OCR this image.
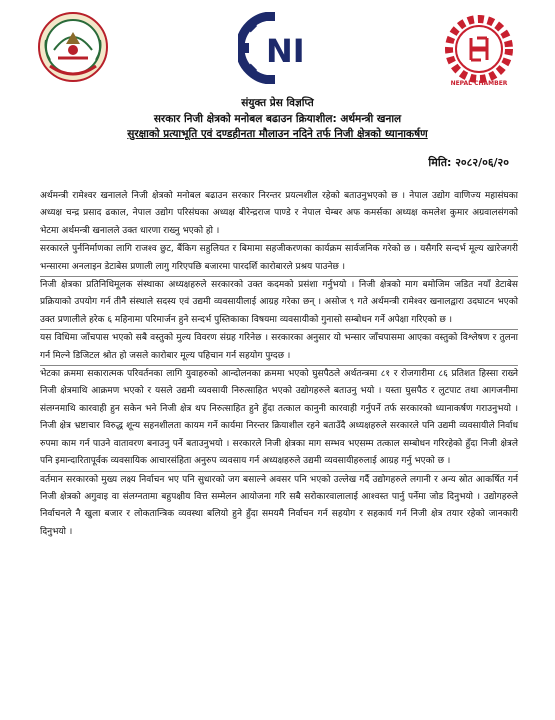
NI
NEPAL CHAMBER
संयुक्त प्रेस विज्ञप्ति
सरकार निजी क्षेत्रको मनोबल बढाउन क्रियाशील: अर्थमन्त्री खनाल
सुरक्षाको प्रत्याभूति एवं दण्डहीनता मौलाउन नदिने तर्फ निजी क्षेत्रको ध्यानाकर्षण
मिति: २०८२/०६/२०

अर्थमन्त्री रामेश्वर खनालले निजी क्षेत्रको मनोबल बढाउन सरकार निरन्तर प्रयत्नशील रहेको बताउनुभएको छ । नेपाल उद्योग वाणिज्य महासंघका अध्यक्ष चन्द्र प्रसाद ढकाल, नेपाल उद्योग परिसंघका अध्यक्ष बीरेन्द्रराज पाण्डे र नेपाल चेम्बर अफ कमर्सका अध्यक्ष कमलेश कुमार अग्रवालसंगको भेटमा अर्थमन्त्री खनालले उक्त धारणा राख्नु भएको हो ।

सरकारले पुर्ननिर्माणका लागि राजश्व छुट, बैंकिग सहुलियत र बिमामा सहजीकरणका कार्यक्रम सार्वजनिक गरेको छ । यसैगरि सन्दर्भ मूल्य खारेजगरी भन्सारमा अनलाइन डेटाबेस प्रणाली लागु गरिएपछि बजारमा पारदर्शि कारोबारले प्रश्रय पाउनेछ ।

निजी क्षेत्रका प्रतिनिधिमूलक संस्थाका अध्यक्षहरुले सरकारको उक्त कदमको प्रसंशा गर्नुभयो । निजी क्षेत्रको माग बमोजिम जडित नयाँ डेटाबेस प्रक्रियाको उपयोग गर्न तीनै संस्थाले सदस्य एवं उद्यमी व्यवसायीलाई आग्रह गरेका छन् । असोज ९ गते अर्थमन्त्री रामेश्वर खनालद्वारा उदघाटन भएको उक्त प्रणालीले हरेक ६ महिनामा परिमार्जन हुने सन्दर्भ पुस्तिकाका विषयमा व्यवसायीको गुनासो सम्बोधन गर्ने अपेक्षा गरिएको छ ।

यस विधिमा जाँचपास भएको सबै वस्तुको मुल्य विवरण संग्रह गरिनेछ । सरकारका अनुसार यो भन्सार जाँचपासमा आएका वस्तुको विश्लेषण र तुलना गर्न मिल्ने डिजिटल श्रोत हो जसले कारोबार मूल्य पहिचान गर्न सहयोग पुग्दछ ।

भेटका क्रममा सकारात्मक परिवर्तनका लागि युवाहरुको आन्दोलनका क्रममा भएको घुसपैठले अर्थतन्त्रमा ८१ र रोजगारीमा ८६ प्रतिशत हिस्सा राख्ने निजी क्षेत्रमाथि आक्रमण भएको र यसले उद्यमी व्यवसायी निरुत्साहित भएको उद्योगहरुले बताउनु भयो । यस्ता घुसपैठ र लुटपाट तथा आगजनीमा संलग्नमाथि कारवाही हुन सकेन भने निजी क्षेत्र थप निरुत्साहित हुने हुँदा तत्काल कानुनी कारवाही गर्नुपर्ने तर्फ सरकारको ध्यानाकर्षण गराउनुभयो । निजी क्षेत्र भ्रष्टाचार विरुद्ध शून्य सहनशीलता कायम गर्ने कार्यमा निरन्तर क्रियाशील रहने बताउँदै अध्यक्षहरुले सरकारले पनि उद्यमी व्यवसायीले निर्वाध रुपमा काम गर्न पाउने वातावरण बनाउनु पर्ने बताउनुभयो । सरकारले निजी क्षेत्रका माग सम्भव भएसम्म तत्काल सम्बोधन गरिरहेको हुँदा निजी क्षेत्रले पनि इमान्दारितापूर्वक व्यवसायिक आचारसंहिता अनुरुप व्यवसाय गर्न अध्यक्षहरुले उद्यमी व्यवसायीहरुलाई आग्रह गर्नु भएको छ ।

वर्तमान सरकारको मुख्य लक्ष्य निर्वाचन भए पनि सुधारको जग बसाल्ने अवसर पनि भएको उल्लेख गर्दै उद्योगहरुले लगानी र अन्य स्रोत आकर्षित गर्न निजी क्षेत्रको अगुवाइ वा संलग्नतामा बहुपक्षीय वित्त सम्मेलन आयोजना गरि सबै सरोकारवालालाई आश्वस्त पार्नु पर्नेमा जोड दिनुभयो । उद्योगहरुले निर्वाचनले नै खुला बजार र लोकतान्त्रिक व्यवस्था बलियो हुने हुँदा समयमै निर्वाचन गर्न सहयोग र सहकार्य गर्न निजी क्षेत्र तयार रहेको जानकारी दिनुभयो ।
